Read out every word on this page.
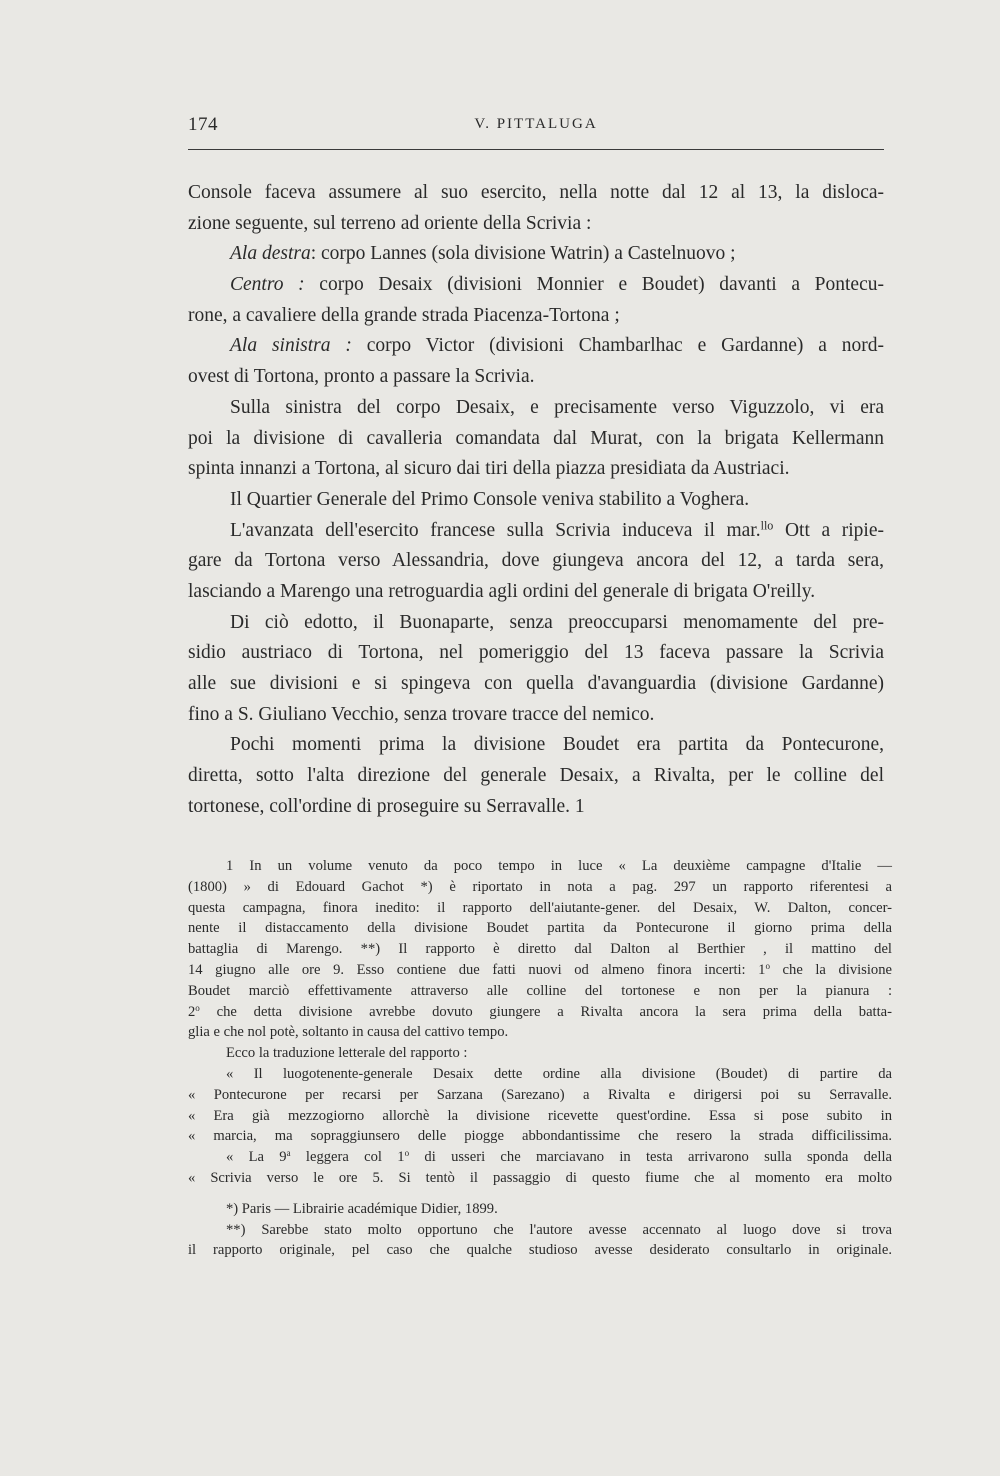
174	V. PITTALUGA
Console faceva assumere al suo esercito, nella notte dal 12 al 13, la disloca-
zione seguente, sul terreno ad oriente della Scrivia :
Ala destra: corpo Lannes (sola divisione Watrin) a Castelnuovo ;
Centro : corpo Desaix (divisioni Monnier e Boudet) davanti a Pontecu-
rone, a cavaliere della grande strada Piacenza-Tortona ;
Ala sinistra : corpo Victor (divisioni Chambarlhac e Gardanne) a nord-
ovest di Tortona, pronto a passare la Scrivia.
Sulla sinistra del corpo Desaix, e precisamente verso Viguzzolo, vi era
poi la divisione di cavalleria comandata dal Murat, con la brigata Kellermann
spinta innanzi a Tortona, al sicuro dai tiri della piazza presidiata da Austriaci.
Il Quartier Generale del Primo Console veniva stabilito a Voghera.
L'avanzata dell'esercito francese sulla Scrivia induceva il mar.$^{llo}$ Ott a ripie-
gare da Tortona verso Alessandria, dove giungeva ancora del 12, a tarda sera,
lasciando a Marengo una retroguardia agli ordini del generale di brigata O'reilly.
Di ciò edotto, il Buonaparte, senza preoccuparsi menomamente del pre-
sidio austriaco di Tortona, nel pomeriggio del 13 faceva passare la Scrivia
alle sue divisioni e si spingeva con quella d'avanguardia (divisione Gardanne)
fino a S. Giuliano Vecchio, senza trovare tracce del nemico.
Pochi momenti prima la divisione Boudet era partita da Pontecurone,
diretta, sotto l'alta direzione del generale Desaix, a Rivalta, per le colline del
tortonese, coll'ordine di proseguire su Serravalle. 1
1 In un volume venuto da poco tempo in luce « La deuxième campagne d'Italie —
(1800) » di Edouard Gachot *) è riportato in nota a pag. 297 un rapporto riferentesi a
questa campagna, finora inedito: il rapporto dell'aiutante-gener. del Desaix, W. Dalton, concer-
nente il distaccamento della divisione Boudet partita da Pontecurone il giorno prima della
battaglia di Marengo. **) Il rapporto è diretto dal Dalton al Berthier , il mattino del
14 giugno alle ore 9. Esso contiene due fatti nuovi od almeno finora incerti: 1$^o$ che la divisione
Boudet marciò effettivamente attraverso alle colline del tortonese e non per la pianura :
2$^o$ che detta divisione avrebbe dovuto giungere a Rivalta ancora la sera prima della batta-
glia e che nol potè, soltanto in causa del cattivo tempo.
Ecco la traduzione letterale del rapporto :
« Il luogotenente-generale Desaix dette ordine alla divisione (Boudet) di partire da
« Pontecurone per recarsi per Sarzana (Sarezano) a Rivalta e dirigersi poi su Serravalle.
« Era già mezzogiorno allorchè la divisione ricevette quest'ordine. Essa si pose subito in
« marcia, ma sopraggiunsero delle piogge abbondantissime che resero la strada difficilissima.
« La 9$^a$ leggera col 1$^o$ di usseri che marciavano in testa arrivarono sulla sponda della
« Scrivia verso le ore 5. Si tentò il passaggio di questo fiume che al momento era molto
*) Paris — Librairie académique Didier, 1899.
**) Sarebbe stato molto opportuno che l'autore avesse accennato al luogo dove si trova
il rapporto originale, pel caso che qualche studioso avesse desiderato consultarlo in originale.
